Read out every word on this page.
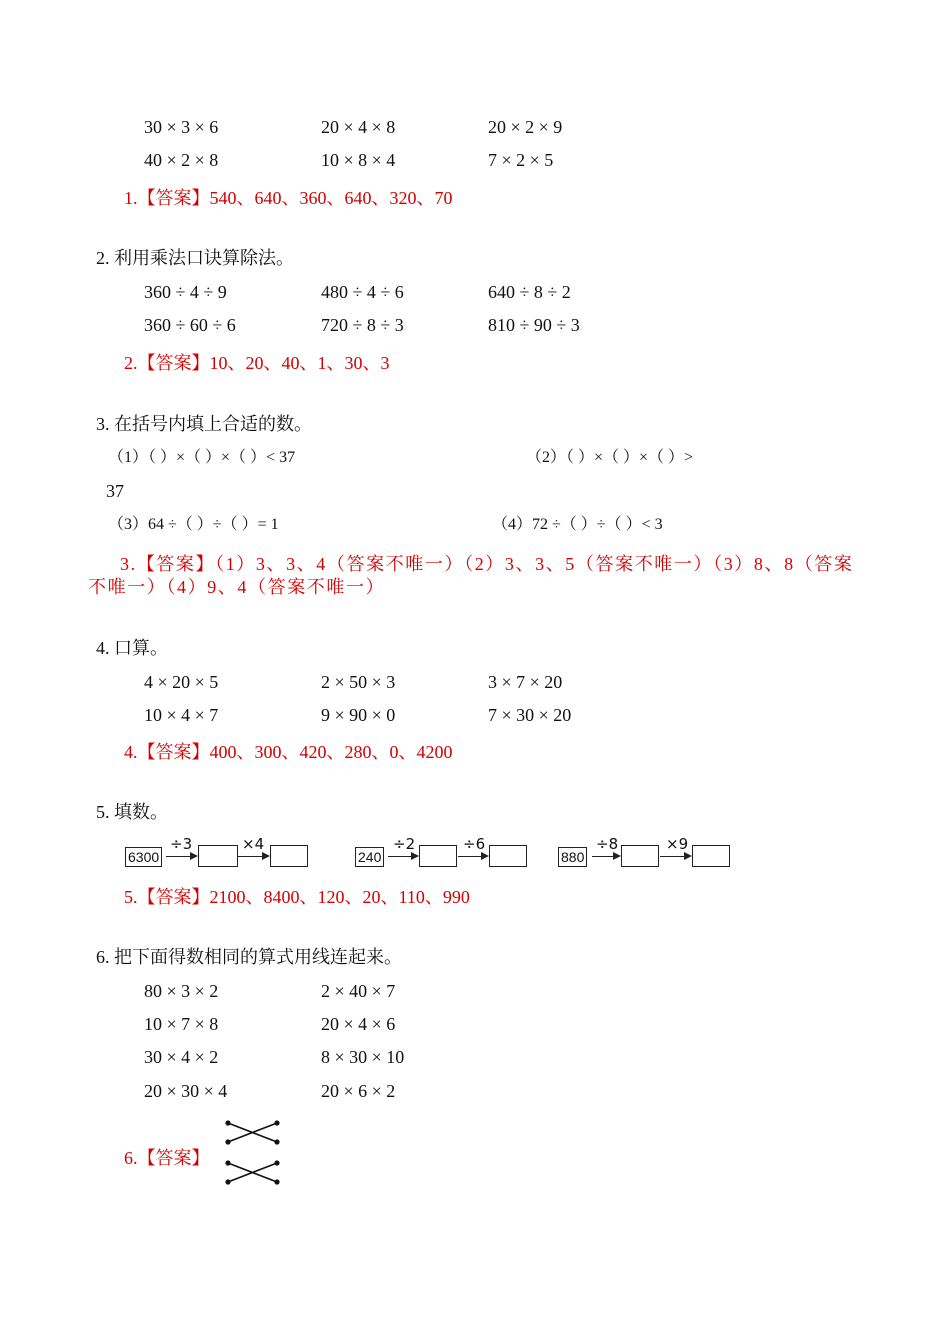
30 × 3 × 6	20 × 4 × 8	20 × 2 × 9
40 × 2 × 8	10 × 8 × 4	7 × 2 × 5
1.【答案】540、640、360、640、320、70
2. 利用乘法口诀算除法。
360 ÷ 4 ÷ 9	480 ÷ 4 ÷ 6	640 ÷ 8 ÷ 2
360 ÷ 60 ÷ 6	720 ÷ 8 ÷ 3	810 ÷ 90 ÷ 3
2.【答案】10、20、40、1、30、3
3. 在括号内填上合适的数。
（1）（ ）×（ ）×（ ）< 37	（2）（ ）×（ ）×（ ）>
37
（3）64 ÷（ ）÷（ ）= 1	（4）72 ÷（ ）÷（ ）< 3
3.【答案】（1）3、3、4（答案不唯一）（2）3、3、5（答案不唯一）（3）8、8（答案不唯一）（4）9、4（答案不唯一）
4. 口算。
4 × 20 × 5	2 × 50 × 3	3 × 7 × 20
10 × 4 × 7	9 × 90 × 0	7 × 30 × 20
4.【答案】400、300、420、280、0、4200
5. 填数。
6300
÷3	×4
240
÷2	÷6
880
÷8	×9
5.【答案】2100、8400、120、20、110、990
6. 把下面得数相同的算式用线连起来。
80 × 3 × 2	2 × 40 × 7
10 × 7 × 8	20 × 4 × 6
30 × 4 × 2	8 × 30 × 10
20 × 30 × 4	20 × 6 × 2
6.【答案】
